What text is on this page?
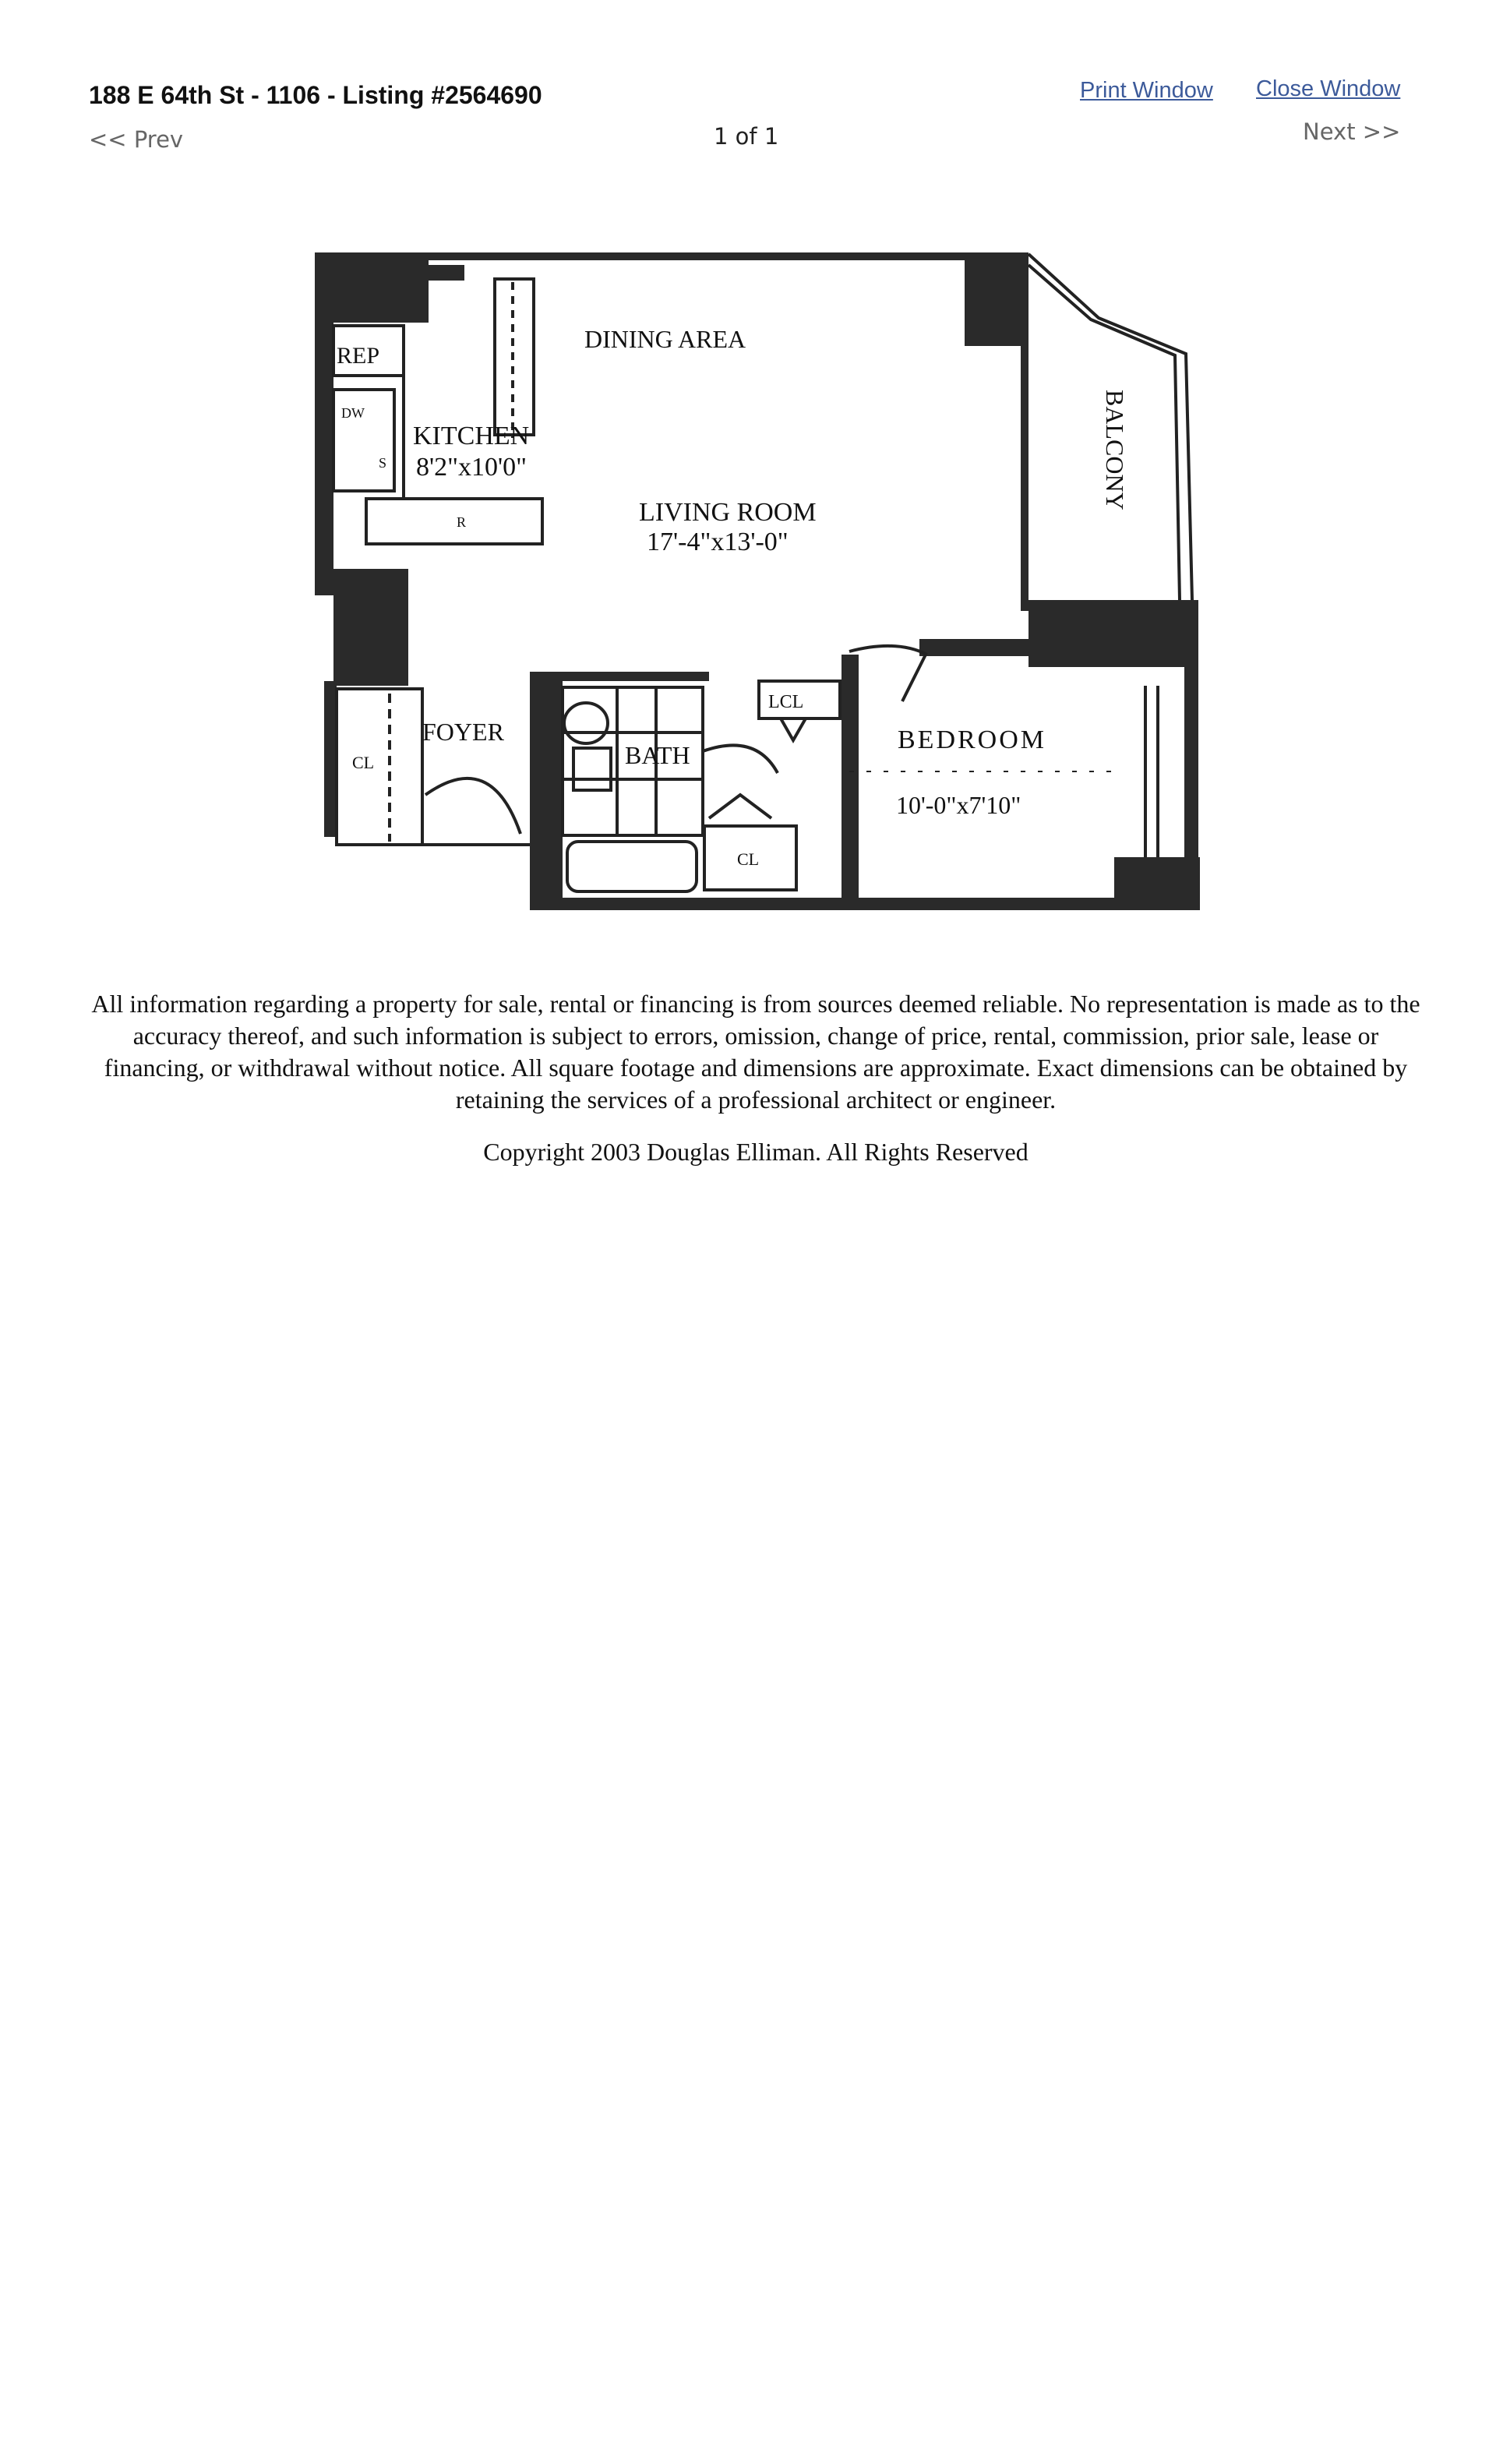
188 E 64th St - 1106 - Listing #2564690
<< Prev	1 of 1
Print Window Close Window
Next >>
REP
DINING AREA
KITCHEN
8'2"x10'0"
LIVING ROOM
17'-4"x13'-0"
BALCONY
FOYER
BATH
LCL
BEDROOM
10'-0"x7'10"
CL
CL
DW
S
R

All information regarding a property for sale, rental or financing is from sources deemed reliable. No representation is made as to the accuracy thereof, and such information is subject to errors, omission, change of price, rental, commission, prior sale, lease or financing, or withdrawal without notice. All square footage and dimensions are approximate. Exact dimensions can be obtained by retaining the services of a professional architect or engineer.

Copyright 2003 Douglas Elliman. All Rights Reserved
